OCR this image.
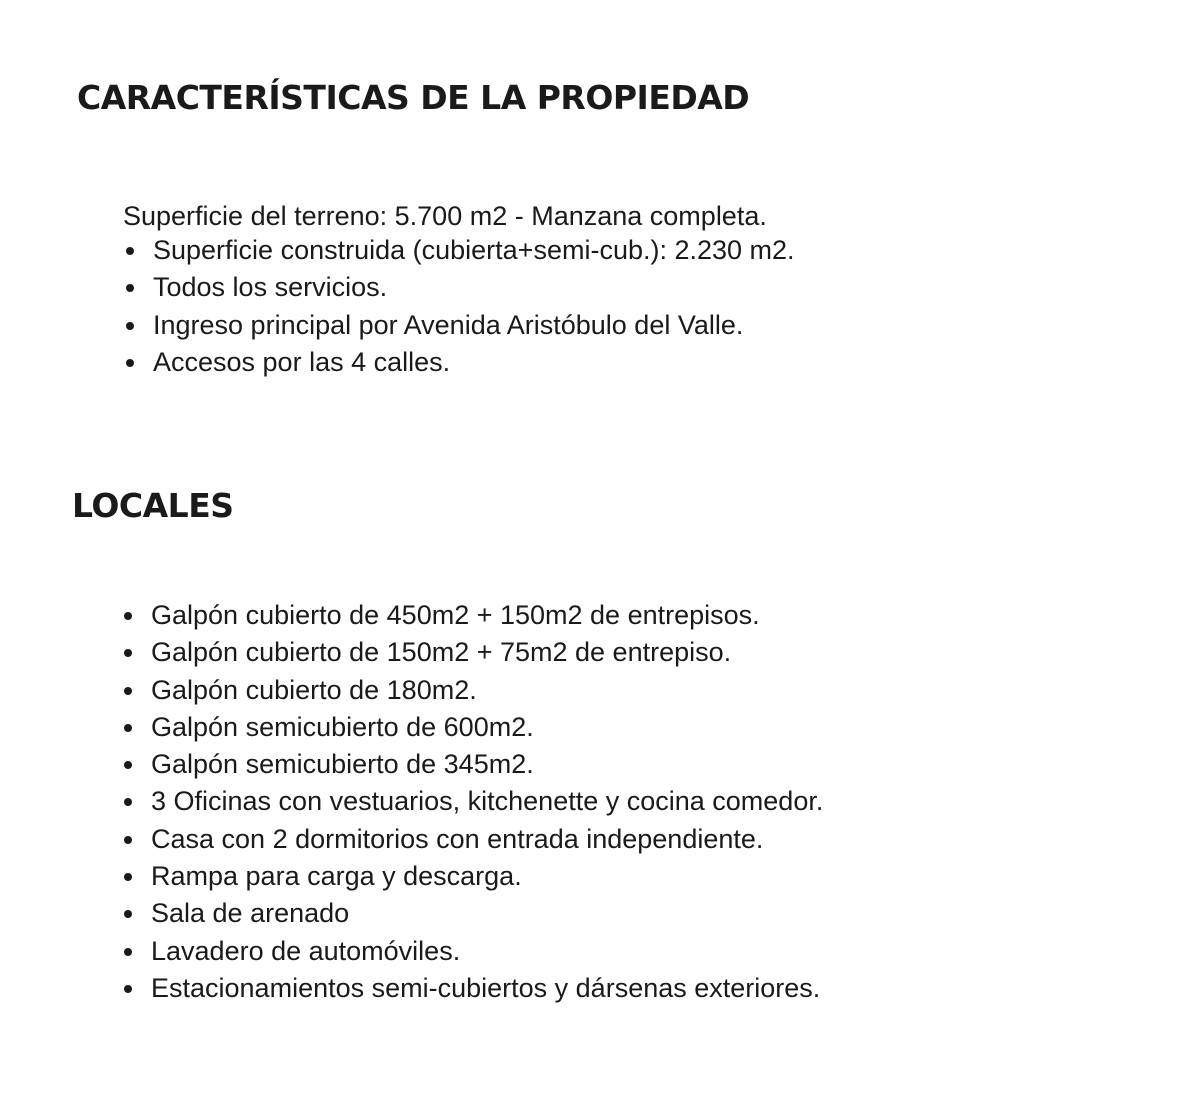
CARACTERÍSTICAS DE LA PROPIEDAD

Superficie del terreno: 5.700 m2 - Manzana completa.

Superficie construida (cubierta+semi-cub.): 2.230 m2.
Todos los servicios.
Ingreso principal por Avenida Aristóbulo del Valle.
Accesos por las 4 calles.
LOCALES
Galpón cubierto de 450m2 + 150m2 de entrepisos.
Galpón cubierto de 150m2 + 75m2 de entrepiso.
Galpón cubierto de 180m2.
Galpón semicubierto de 600m2.
Galpón semicubierto de 345m2.
3 Oficinas con vestuarios, kitchenette y cocina comedor.
Casa con 2 dormitorios con entrada independiente.
Rampa para carga y descarga.
Sala de arenado
Lavadero de automóviles.
Estacionamientos semi-cubiertos y dársenas exteriores.
